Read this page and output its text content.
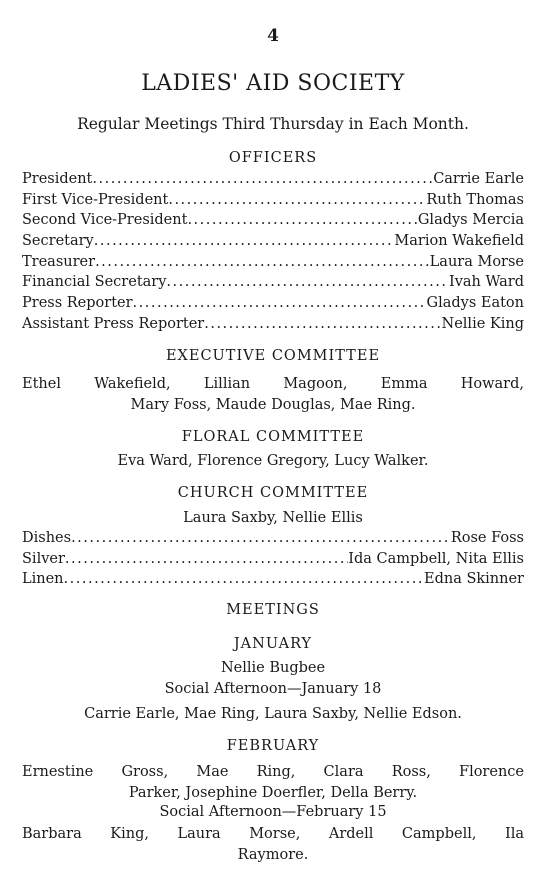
4
LADIES' AID SOCIETY
Regular Meetings Third Thursday in Each Month.
OFFICERS
President .....	Carrie Earle
First Vice-President .....	Ruth Thomas
Second Vice-President .....	Gladys Mercia
Secretary .....	Marion Wakefield
Treasurer .....	Laura Morse
Financial Secretary .....	Ivah Ward
Press Reporter .....	Gladys Eaton
Assistant Press Reporter .....	Nellie King
EXECUTIVE COMMITTEE
Ethel Wakefield, Lillian Magoon, Emma Howard,
Mary Foss, Maude Douglas, Mae Ring.
FLORAL COMMITTEE
Eva Ward, Florence Gregory, Lucy Walker.
CHURCH COMMITTEE
Laura Saxby, Nellie Ellis
Dishes .....	Rose Foss
Silver .....	Ida Campbell, Nita Ellis
Linen .....	Edna Skinner
MEETINGS
JANUARY
Nellie Bugbee
Social Afternoon—January 18
Carrie Earle, Mae Ring, Laura Saxby, Nellie Edson.
FEBRUARY
Ernestine Gross, Mae Ring, Clara Ross, Florence
Parker, Josephine Doerfler, Della Berry.
Social Afternoon—February 15
Barbara King, Laura Morse, Ardell Campbell, Ila
Raymore.
